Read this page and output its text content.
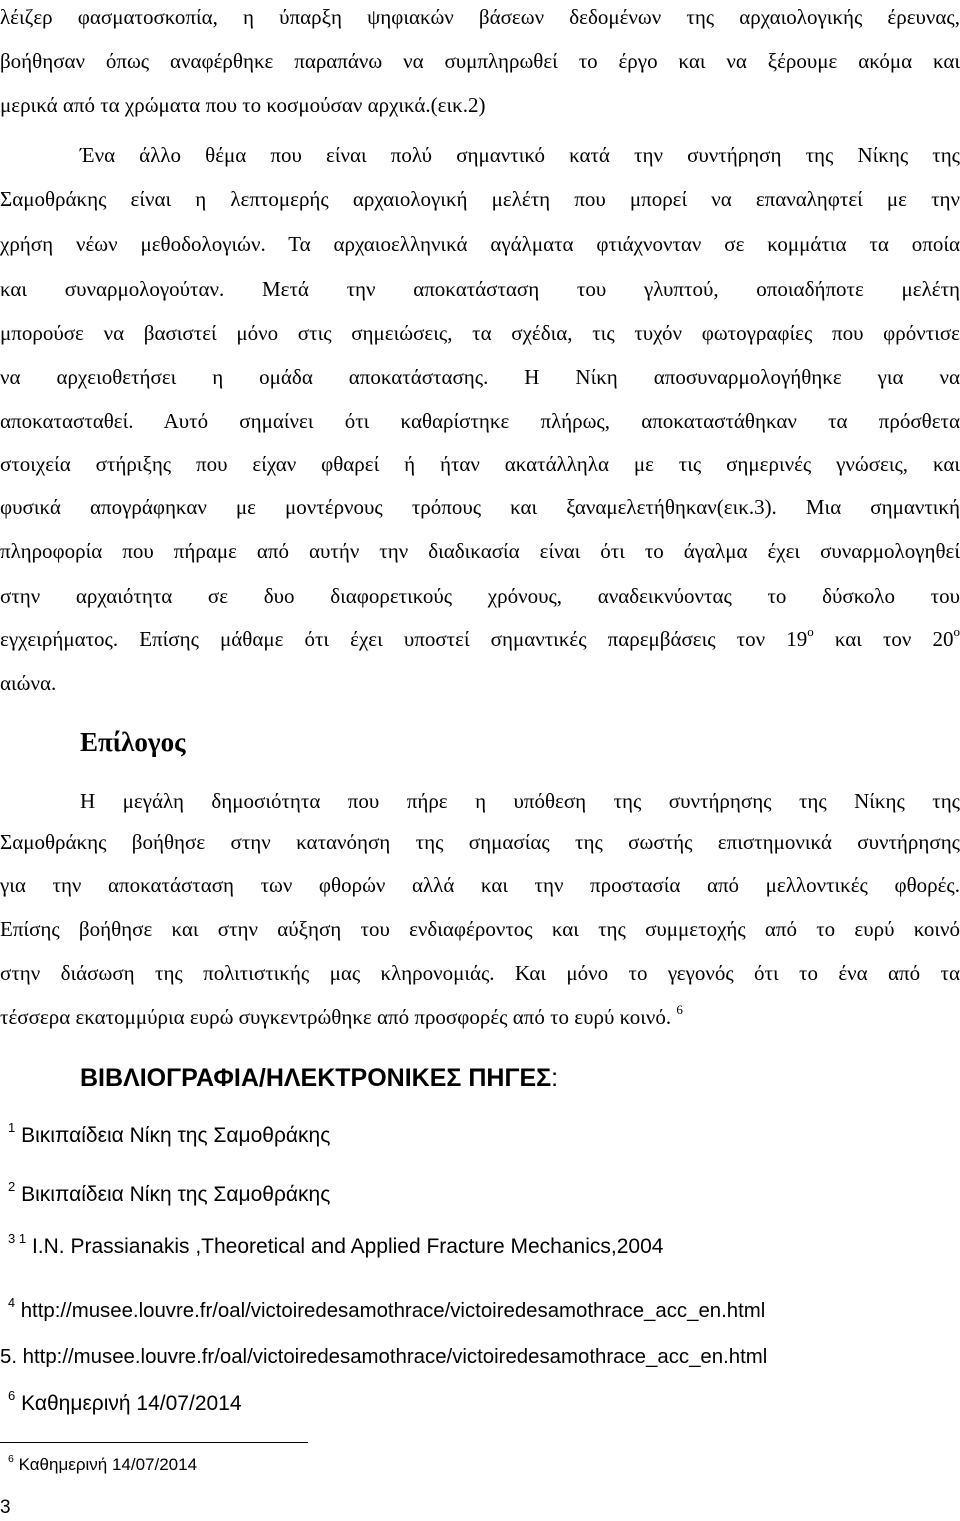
λέιζερ φασματοσκοπία, η ύπαρξη ψηφιακών βάσεων δεδομένων της αρχαιολογικής έρευνας,
βοήθησαν όπως αναφέρθηκε παραπάνω να συμπληρωθεί το έργο και να ξέρουμε ακόμα και
μερικά από τα χρώματα που το κοσμούσαν αρχικά.(εικ.2)
Ένα άλλο θέμα που είναι πολύ σημαντικό κατά την συντήρηση της Νίκης της
Σαμοθράκης είναι η λεπτομερής αρχαιολογική μελέτη που μπορεί να επαναληφτεί με την
χρήση νέων μεθοδολογιών. Τα αρχαιοελληνικά αγάλματα φτιάχνονταν σε κομμάτια τα οποία
και συναρμολογούταν. Μετά την αποκατάσταση του γλυπτού, οποιαδήποτε μελέτη
μπορούσε να βασιστεί μόνο στις σημειώσεις, τα σχέδια, τις τυχόν φωτογραφίες που φρόντισε
να αρχειοθετήσει η ομάδα αποκατάστασης. Η Νίκη αποσυναρμολογήθηκε για να
αποκατασταθεί. Αυτό σημαίνει ότι καθαρίστηκε πλήρως, αποκαταστάθηκαν τα πρόσθετα
στοιχεία στήριξης που είχαν φθαρεί ή ήταν ακατάλληλα με τις σημερινές γνώσεις, και
φυσικά απογράφηκαν με μοντέρνους τρόπους και ξαναμελετήθηκαν(εικ.3). Μια σημαντική
πληροφορία που πήραμε από αυτήν την διαδικασία είναι ότι το άγαλμα έχει συναρμολογηθεί
στην αρχαιότητα σε δυο διαφορετικούς χρόνους, αναδεικνύοντας το δύσκολο του
εγχειρήματος. Επίσης μάθαμε ότι έχει υποστεί σημαντικές παρεμβάσεις τον $19^o$ και τον $20^o$
αιώνα.
Επίλογος
Η μεγάλη δημοσιότητα που πήρε η υπόθεση της συντήρησης της Νίκης της
Σαμοθράκης βοήθησε στην κατανόηση της σημασίας της σωστής επιστημονικά συντήρησης
για την αποκατάσταση των φθορών αλλά και την προστασία από μελλοντικές φθορές.
Επίσης βοήθησε και στην αύξηση του ενδιαφέροντος και της συμμετοχής από το ευρύ κοινό
στην διάσωση της πολιτιστικής μας κληρονομιάς. Και μόνο το γεγονός ότι το ένα από τα
τέσσερα εκατομμύρια ευρώ συγκεντρώθηκε από προσφορές από το ευρύ κοινό. $^6$
ΒΙΒΛΙΟΓΡΑΦΙΑ/ΗΛΕΚΤΡΟΝΙΚΕΣ ΠΗΓΕΣ:
$^1$ Βικιπαίδεια Νίκη της Σαμοθράκης
$^2$ Βικιπαίδεια Νίκη της Σαμοθράκης
$^{3 1}$ I.N. Prassianakis ,Theoretical and Applied Fracture Mechanics,2004
$^4$ http://musee.louvre.fr/oal/victoiredesamothrace/victoiredesamothrace_acc_en.html
5. http://musee.louvre.fr/oal/victoiredesamothrace/victoiredesamothrace_acc_en.html
$^6$ Καθημερινή 14/07/2014
$^6$ Καθημερινή 14/07/2014
3
